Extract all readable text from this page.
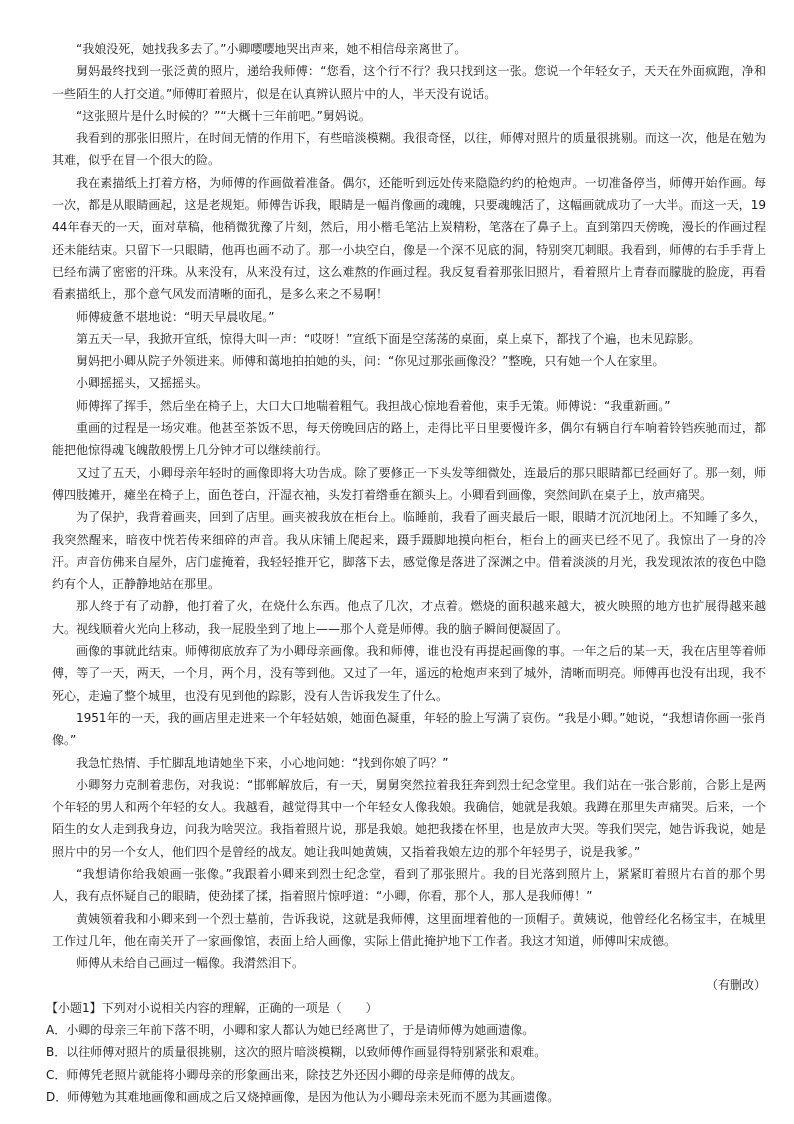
“我娘没死，她找我多去了。”小卿嘤嘤地哭出声来，她不相信母亲离世了。

舅妈最终找到一张泛黄的照片，递给我师傅：“您看，这个行不行？我只找到这一张。您说一个年轻女子，天天在外面疯跑，净和一些陌生的人打交道。”师傅盯着照片，似是在认真辨认照片中的人，半天没有说话。

“这张照片是什么时候的？”“大概十三年前吧。”舅妈说。

我看到的那张旧照片，在时间无情的作用下，有些暗淡模糊。我很奇怪，以往，师傅对照片的质量很挑剔。而这一次，他是在勉为其难，似乎在冒一个很大的险。

我在素描纸上打着方格，为师傅的作画做着准备。偶尔，还能听到远处传来隐隐约约的枪炮声。一切准备停当，师傅开始作画。每一次，都是从眼睛画起，这是老规矩。师傅告诉我，眼睛是一幅肖像画的魂魄，只要魂魄活了，这幅画就成功了一大半。而这一天，1944年春天的一天，面对草稿，他稍微犹豫了片刻，然后，用小楷毛笔沾上炭精粉，笔落在了鼻子上。直到第四天傍晚，漫长的作画过程还未能结束。只留下一只眼睛，他再也画不动了。那一小块空白，像是一个深不见底的洞，特别突兀刺眼。我看到，师傅的右手手背上已经布满了密密的汗珠。从来没有，从来没有过，这么难熬的作画过程。我反复看着那张旧照片，看着照片上青春而朦胧的脸庞，再看看素描纸上，那个意气风发而清晰的面孔，是多么来之不易啊！

师傅疲惫不堪地说：“明天早晨收尾。”

第五天一早，我掀开宣纸，惊得大叫一声：“哎呀！”宣纸下面是空荡荡的桌面，桌上桌下，都找了个遍，也未见踪影。

舅妈把小卿从院子外领进来。师傅和蔼地拍拍她的头，问：“你见过那张画像没？”整晚，只有她一个人在家里。

小卿摇摇头，又摇摇头。

师傅挥了挥手，然后坐在椅子上，大口大口地喘着粗气。我担战心惊地看着他，束手无策。师傅说：“我重新画。”

重画的过程是一场灾难。他甚至茶饭不思，每天傍晚回店的路上，走得比平日里要慢许多，偶尔有辆自行车响着铃铛疾驰而过，都能把他惊得魂飞魄散般愣上几分钟才可以继续前行。

又过了五天，小卿母亲年轻时的画像即将大功告成。除了要修正一下头发等细微处，连最后的那只眼睛都已经画好了。那一刻，师傅四肢摊开，瘫坐在椅子上，面色苍白，汗湿衣袖，头发打着绺垂在额头上。小卿看到画像，突然间趴在桌子上，放声痛哭。

为了保护，我背着画夹，回到了店里。画夹被我放在柜台上。临睡前，我看了画夹最后一眼，眼睛才沉沉地闭上。不知睡了多久，我突然醒来，暗夜中恍若传来细碎的声音。我从床铺上爬起来，蹑手蹑脚地摸向柜台，柜台上的画夹已经不见了。我惊出了一身的冷汗。声音仿佛来自屋外，店门虚掩着，我轻轻推开它，脚落下去，感觉像是落进了深渊之中。借着淡淡的月光，我发现浓浓的夜色中隐约有个人，正静静地站在那里。

那人终于有了动静，他打着了火，在烧什么东西。他点了几次，才点着。燃烧的面积越来越大，被火映照的地方也扩展得越来越大。视线顺着火光向上移动，我一屁股坐到了地上——那个人竟是师傅。我的脑子瞬间便凝固了。

画像的事就此结束。师傅彻底放弃了为小卿母亲画像。我和师傅，谁也没有再提起画像的事。一年之后的某一天，我在店里等着师傅，等了一天，两天，一个月，两个月，没有等到他。又过了一年，遥远的枪炮声来到了城外，清晰而明亮。师傅再也没有出现，我不死心，走遍了整个城里，也没有见到他的踪影，没有人告诉我发生了什么。

1951年的一天，我的画店里走进来一个年轻姑娘，她面色凝重，年轻的脸上写满了哀伤。“我是小卿。”她说，“我想请你画一张肖像。”

我急忙热情、手忙脚乱地请她坐下来，小心地问她：“找到你娘了吗？”

小卿努力克制着悲伤，对我说：“邯郸解放后，有一天，舅舅突然拉着我狂奔到烈士纪念堂里。我们站在一张合影前，合影上是两个年轻的男人和两个年轻的女人。我越看，越觉得其中一个年轻女人像我娘。我确信，她就是我娘。我蹲在那里失声痛哭。后来，一个陌生的女人走到我身边，问我为啥哭泣。我指着照片说，那是我娘。她把我搂在怀里，也是放声大哭。等我们哭完，她告诉我说，她是照片中的另一个女人，他们四个是曾经的战友。她让我叫她黄姨，又指着我娘左边的那个年轻男子，说是我爹。”

“我想请你给我娘画一张像。”我跟着小卿来到烈士纪念堂，看到了那张照片。我的目光落到照片上，紧紧盯着照片右首的那个男人，我有点怀疑自己的眼睛，使劲揉了揉，指着照片惊呼道：“小卿，你看，那个人，那人是我师傅！”

黄姨领着我和小卿来到一个烈士墓前，告诉我说，这就是我师傅，这里面埋着他的一顶帽子。黄姨说，他曾经化名杨宝丰，在城里工作过几年，他在南关开了一家画像馆，表面上给人画像，实际上借此掩护地下工作者。我这才知道，师傅叫宋成德。

师傅从未给自己画过一幅像。我潸然泪下。

（有删改）

【小题1】下列对小说相关内容的理解，正确的一项是（　　）

A．小卿的母亲三年前下落不明，小卿和家人都认为她已经离世了，于是请师傅为她画遗像。

B．以往师傅对照片的质量很挑剔，这次的照片暗淡模糊，以致师傅作画显得特别紧张和艰难。

C．师傅凭老照片就能将小卿母亲的形象画出来，除技艺外还因小卿的母亲是师傅的战友。

D．师傅勉为其难地画像和画成之后又烧掉画像，是因为他认为小卿母亲未死而不愿为其画遗像。
